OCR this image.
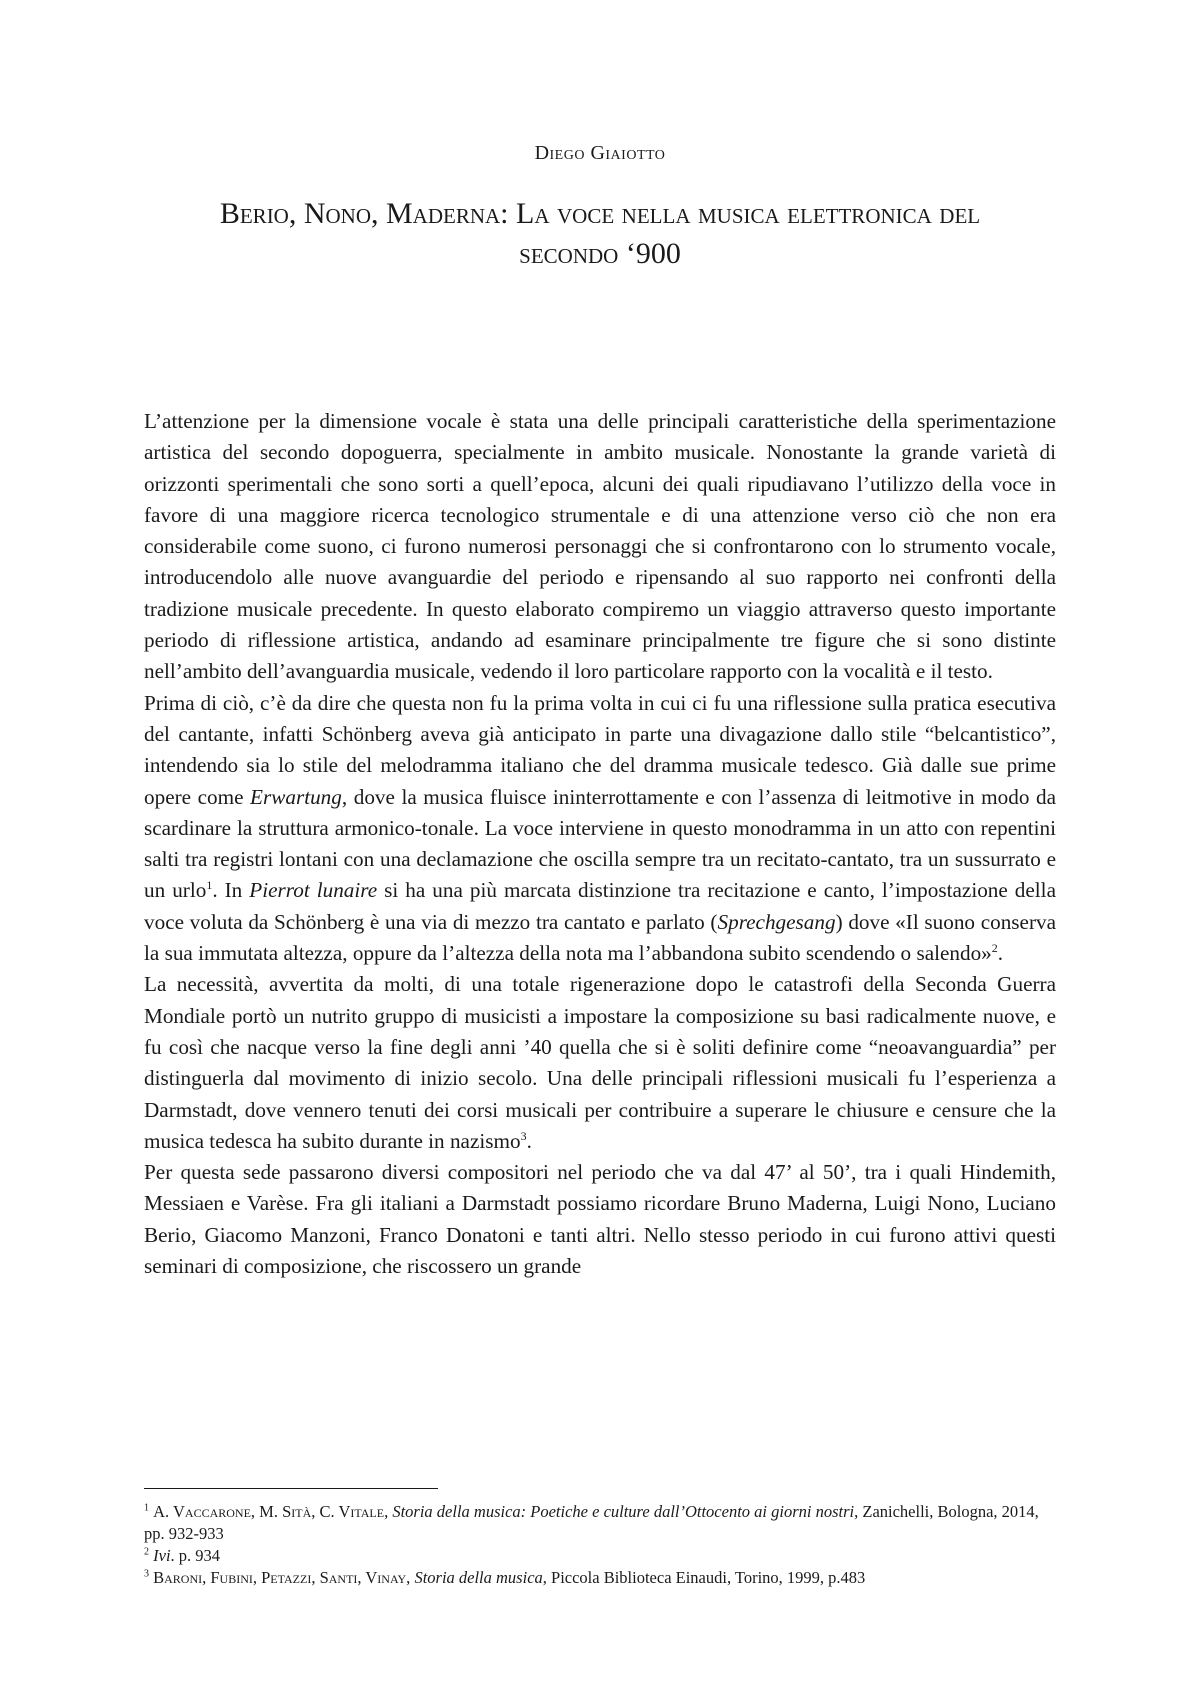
Diego Giaiotto
Berio, Nono, Maderna: La voce nella musica elettronica del
secondo ‘900

L’attenzione per la dimensione vocale è stata una delle principali caratteristiche della sperimentazione artistica del secondo dopoguerra, specialmente in ambito musicale. Nonostante la grande varietà di orizzonti sperimentali che sono sorti a quell’epoca, alcuni dei quali ripudiavano l’utilizzo della voce in favore di una maggiore ricerca tecnologico strumentale e di una attenzione verso ciò che non era considerabile come suono, ci furono numerosi personaggi che si confrontarono con lo strumento vocale, introducendolo alle nuove avanguardie del periodo e ripensando al suo rapporto nei confronti della tradizione musicale precedente. In questo elaborato compiremo un viaggio attraverso questo importante periodo di riflessione artistica, andando ad esaminare principalmente tre figure che si sono distinte nell’ambito dell’avanguardia musicale, vedendo il loro particolare rapporto con la vocalità e il testo.

Prima di ciò, c’è da dire che questa non fu la prima volta in cui ci fu una riflessione sulla pratica esecutiva del cantante, infatti Schönberg aveva già anticipato in parte una divagazione dallo stile “belcantistico”, intendendo sia lo stile del melodramma italiano che del dramma musicale tedesco. Già dalle sue prime opere come Erwartung, dove la musica fluisce ininterrottamente e con l’assenza di leitmotive in modo da scardinare la struttura armonico-tonale. La voce interviene in questo monodramma in un atto con repentini salti tra registri lontani con una declamazione che oscilla sempre tra un recitato-cantato, tra un sussurrato e un urlo$^1$. In Pierrot lunaire si ha una più marcata distinzione tra recitazione e canto, l’impostazione della voce voluta da Schönberg è una via di mezzo tra cantato e parlato (Sprechgesang) dove «Il suono conserva la sua immutata altezza, oppure da l’altezza della nota ma l’abbandona subito scendendo o salendo»$^2$.

La necessità, avvertita da molti, di una totale rigenerazione dopo le catastrofi della Seconda Guerra Mondiale portò un nutrito gruppo di musicisti a impostare la composizione su basi radicalmente nuove, e fu così che nacque verso la fine degli anni ’40 quella che si è soliti definire come “neoavanguardia” per distinguerla dal movimento di inizio secolo. Una delle principali riflessioni musicali fu l’esperienza a Darmstadt, dove vennero tenuti dei corsi musicali per contribuire a superare le chiusure e censure che la musica tedesca ha subito durante in nazismo$^3$.

Per questa sede passarono diversi compositori nel periodo che va dal 47’ al 50’, tra i quali Hindemith, Messiaen e Varèse. Fra gli italiani a Darmstadt possiamo ricordare Bruno Maderna, Luigi Nono, Luciano Berio, Giacomo Manzoni, Franco Donatoni e tanti altri. Nello stesso periodo in cui furono attivi questi seminari di composizione, che riscossero un grande

$^1$ A. Vaccarone, M. Sità, C. Vitale, Storia della musica: Poetiche e culture dall’Ottocento ai giorni nostri, Zanichelli, Bologna, 2014, pp. 932-933

$^2$ Ivi. p. 934

$^3$ Baroni, Fubini, Petazzi, Santi, Vinay, Storia della musica, Piccola Biblioteca Einaudi, Torino, 1999, p.483
